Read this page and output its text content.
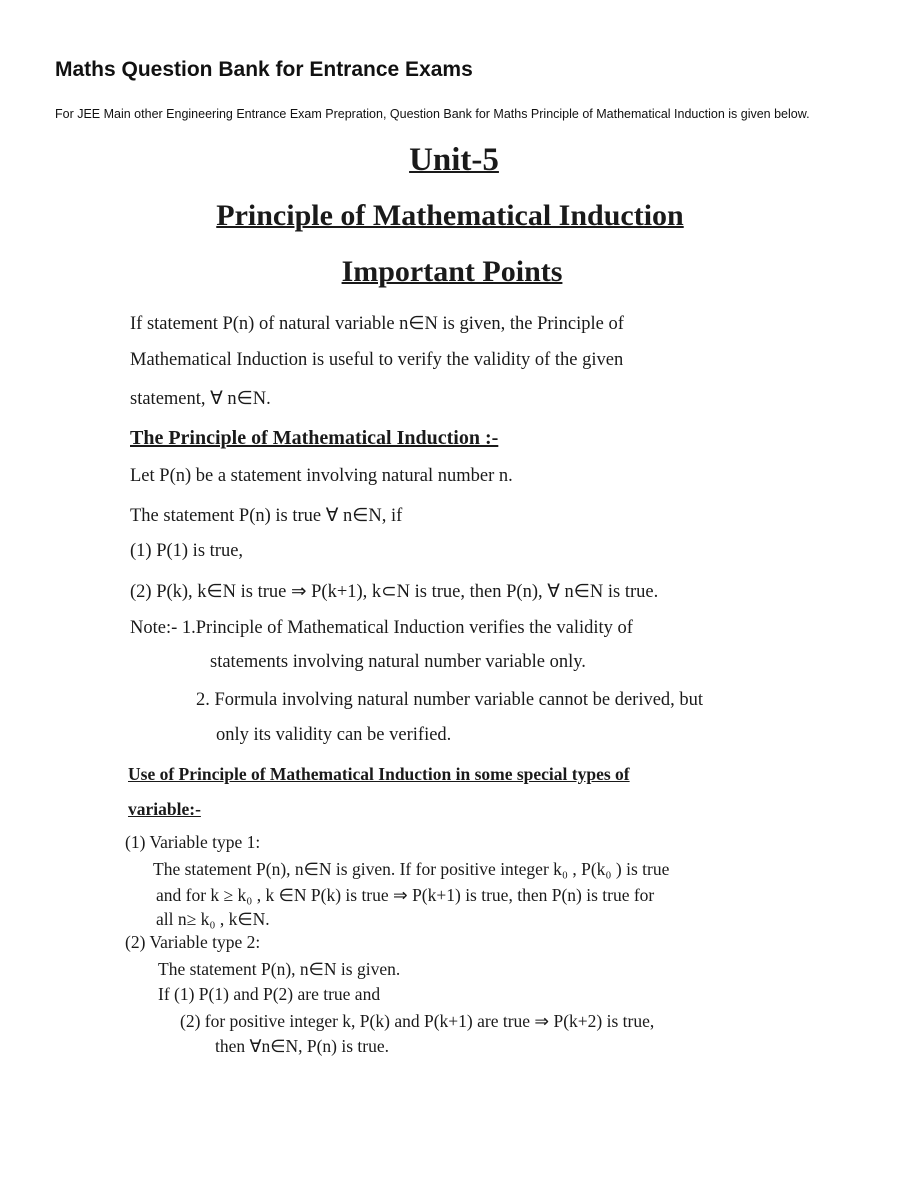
Maths Question Bank for Entrance Exams
For JEE Main other Engineering Entrance Exam Prepration, Question Bank for Maths Principle of Mathematical Induction is given below.
Unit-5
Principle of Mathematical Induction
Important Points
If statement P(n) of natural variable n∈N is given, the Principle of
Mathematical Induction is useful to verify the validity of the given
statement, ∀ n∈N.
The Principle of Mathematical Induction :-
Let P(n) be a statement involving natural number n.
The statement P(n) is true ∀ n∈N, if
(1) P(1) is true,
(2) P(k), k∈N is true ⇒ P(k+1), k⊂N is true, then P(n), ∀ n∈N is true.
Note:- 1.Principle of Mathematical Induction verifies the validity of
statements involving natural number variable only.
2. Formula involving natural number variable cannot be derived, but
only its validity can be verified.
Use of Principle of Mathematical Induction in some special types of
variable:-
(1) Variable type 1:
The statement P(n), n∈N is given. If for positive integer k₀ , P(k₀ ) is true
and for k ≥ k₀ , k ∈N P(k) is true ⇒ P(k+1) is true, then P(n) is true for
all n≥ k₀ , k∈N.
(2) Variable type 2:
The statement P(n), n∈N is given.
If (1) P(1) and P(2) are true and
(2) for positive integer k, P(k) and P(k+1) are true ⇒ P(k+2) is true,
then ∀n∈N, P(n) is true.
